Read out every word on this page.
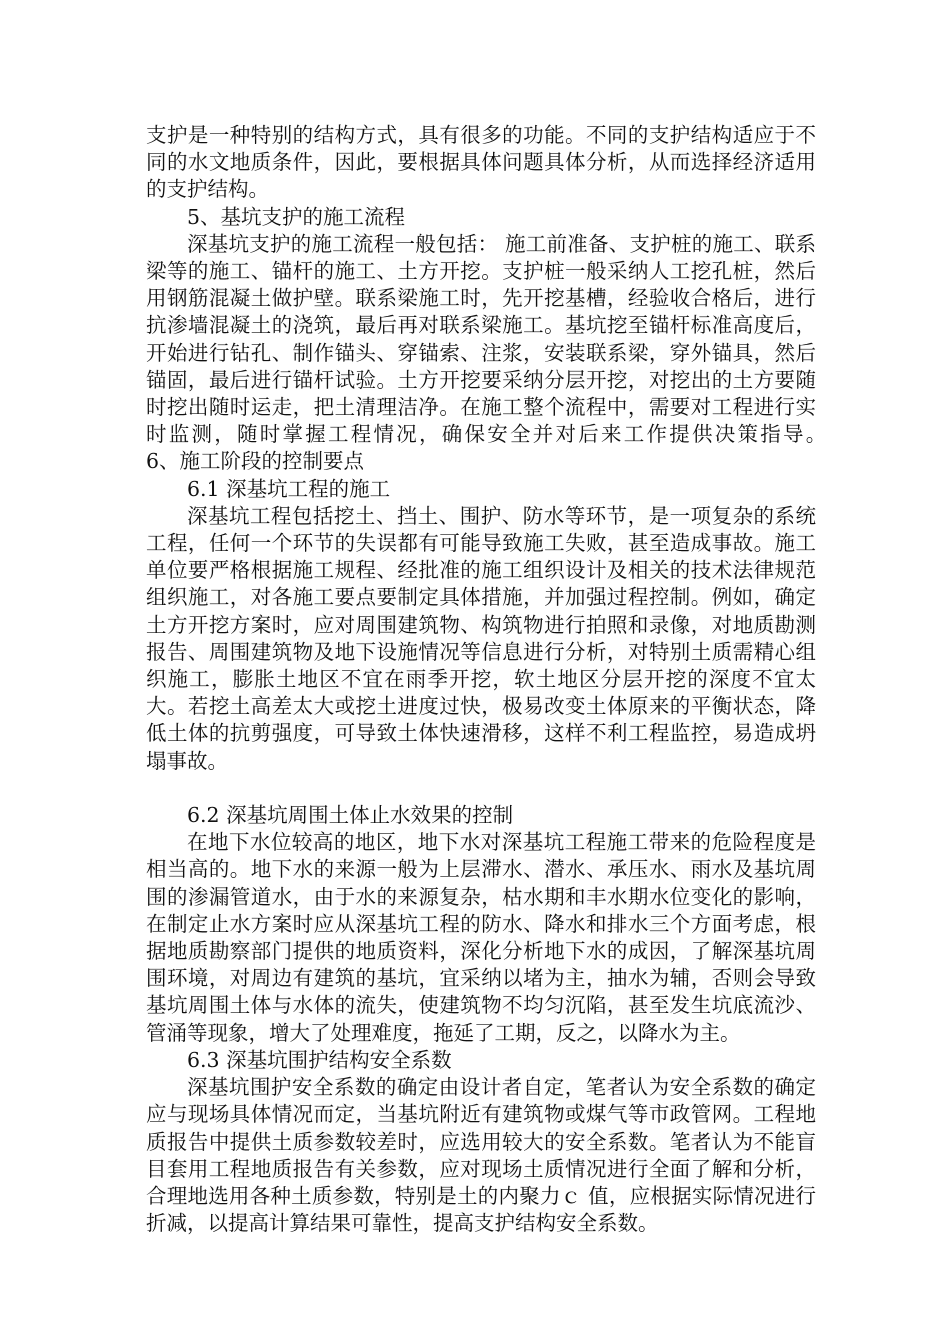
支护是一种特别的结构方式，具有很多的功能。不同的支护结构适应于不同的水文地质条件，因此，要根据具体问题具体分析，从而选择经济适用的支护结构。

5、基坑支护的施工流程

深基坑支护的施工流程一般包括： 施工前准备、支护桩的施工、联系梁等的施工、锚杆的施工、土方开挖。支护桩一般采纳人工挖孔桩，然后用钢筋混凝土做护壁。联系梁施工时，先开挖基槽，经验收合格后，进行抗渗墙混凝土的浇筑，最后再对联系梁施工。基坑挖至锚杆标准高度后，开始进行钻孔、制作锚头、穿锚索、注浆，安装联系梁，穿外锚具，然后锚固，最后进行锚杆试验。土方开挖要采纳分层开挖，对挖出的土方要随时挖出随时运走，把土清理洁净。在施工整个流程中，需要对工程进行实时监测，随时掌握工程情况，确保安全并对后来工作提供决策指导。　　　6、施工阶段的控制要点

6.1 深基坑工程的施工

深基坑工程包括挖土、挡土、围护、防水等环节，是一项复杂的系统工程，任何一个环节的失误都有可能导致施工失败，甚至造成事故。施工单位要严格根据施工规程、经批准的施工组织设计及相关的技术法律规范组织施工，对各施工要点要制定具体措施，并加强过程控制。例如，确定土方开挖方案时，应对周围建筑物、构筑物进行拍照和录像，对地质勘测报告、周围建筑物及地下设施情况等信息进行分析，对特别土质需精心组织施工，膨胀土地区不宜在雨季开挖，软土地区分层开挖的深度不宜太大。若挖土高差太大或挖土进度过快，极易改变土体原来的平衡状态，降低土体的抗剪强度，可导致土体快速滑移，这样不利工程监控，易造成坍塌事故。

6.2 深基坑周围土体止水效果的控制

在地下水位较高的地区，地下水对深基坑工程施工带来的危险程度是相当高的。地下水的来源一般为上层滞水、潜水、承压水、雨水及基坑周围的渗漏管道水，由于水的来源复杂，枯水期和丰水期水位变化的影响，在制定止水方案时应从深基坑工程的防水、降水和排水三个方面考虑，根据地质勘察部门提供的地质资料，深化分析地下水的成因，了解深基坑周围环境，对周边有建筑的基坑，宜采纳以堵为主，抽水为辅，否则会导致基坑周围土体与水体的流失，使建筑物不均匀沉陷，甚至发生坑底流沙、管涌等现象，增大了处理难度，拖延了工期，反之，以降水为主。

6.3 深基坑围护结构安全系数

深基坑围护安全系数的确定由设计者自定，笔者认为安全系数的确定应与现场具体情况而定，当基坑附近有建筑物或煤气等市政管网。工程地质报告中提供土质参数较差时，应选用较大的安全系数。笔者认为不能盲目套用工程地质报告有关参数，应对现场土质情况进行全面了解和分析，合理地选用各种土质参数，特别是土的内聚力ｃ 值，应根据实际情况进行折减，以提高计算结果可靠性，提高支护结构安全系数。
